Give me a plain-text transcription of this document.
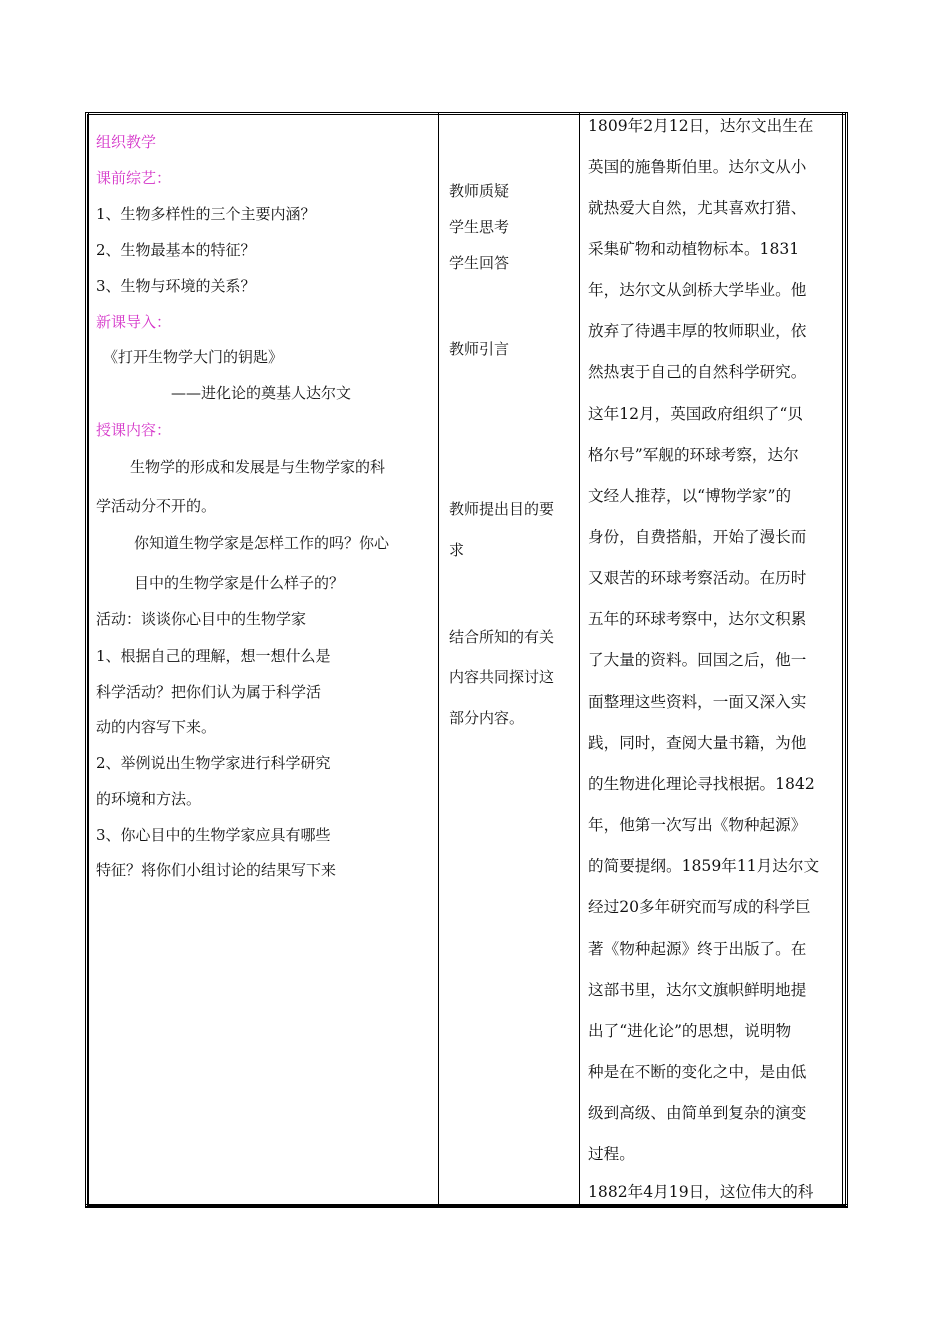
组织教学
课前综艺：
1、生物多样性的三个主要内涵？
2、生物最基本的特征？
3、生物与环境的关系？
新课导入：
《打开生物学大门的钥匙》
——进化论的奠基人达尔文
授课内容：
生物学的形成和发展是与生物学家的科
学活动分不开的。
你知道生物学家是怎样工作的吗？你心
目中的生物学家是什么样子的？
活动：谈谈你心目中的生物学家
1、根据自己的理解，想一想什么是
科学活动？把你们认为属于科学活
动的内容写下来。
2、举例说出生物学家进行科学研究
的环境和方法。
3、你心目中的生物学家应具有哪些
特征？将你们小组讨论的结果写下来
教师质疑
学生思考
学生回答
教师引言
教师提出目的要
求
结合所知的有关
内容共同探讨这
部分内容。
1809年2月12日，达尔文出生在
英国的施鲁斯伯里。达尔文从小
就热爱大自然，尤其喜欢打猎、
采集矿物和动植物标本。1831
年，达尔文从剑桥大学毕业。他
放弃了待遇丰厚的牧师职业，依
然热衷于自己的自然科学研究。
这年12月，英国政府组织了“贝
格尔号”军舰的环球考察，达尔
文经人推荐，以“博物学家”的
身份，自费搭船，开始了漫长而
又艰苦的环球考察活动。在历时
五年的环球考察中，达尔文积累
了大量的资料。回国之后，他一
面整理这些资料，一面又深入实
践，同时，查阅大量书籍，为他
的生物进化理论寻找根据。1842
年，他第一次写出《物种起源》
的简要提纲。1859年11月达尔文
经过20多年研究而写成的科学巨
著《物种起源》终于出版了。在
这部书里，达尔文旗帜鲜明地提
出了“进化论”的思想，说明物
种是在不断的变化之中，是由低
级到高级、由简单到复杂的演变
过程。
1882年4月19日，这位伟大的科
